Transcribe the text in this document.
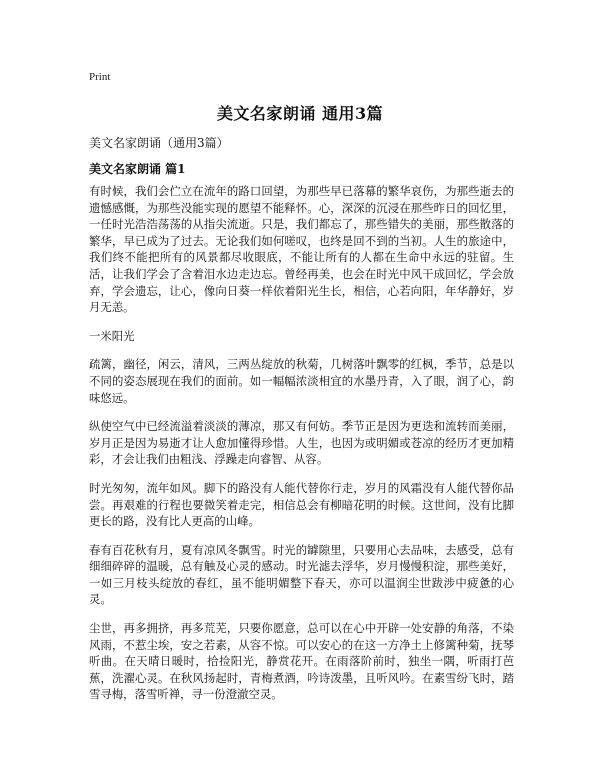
Print
美文名家朗诵 通用3篇

美文名家朗诵（通用3篇）

美文名家朗诵 篇1

有时候，我们会伫立在流年的路口回望，为那些早已落幕的繁华哀伤，为那些逝去的遗憾感慨，为那些没能实现的愿望不能释怀。心，深深的沉浸在那些昨日的回忆里，一任时光浩浩荡荡的从指尖流逝。只是，我们都忘了，那些错失的美丽，那些散落的繁华，早已成为了过去。无论我们如何嗟叹，也终是回不到的当初。人生的旅途中，我们终不能把所有的风景都尽收眼底，不能让所有的人都在生命中永远的驻留。生活，让我们学会了含着泪水边走边忘。曾经再美，也会在时光中风干成回忆，学会放弃，学会遗忘，让心，像向日葵一样依着阳光生长，相信，心若向阳，年华静好，岁月无恙。

一米阳光

疏篱，幽径，闲云，清风，三两丛绽放的秋菊，几树落叶飘零的红枫，季节，总是以不同的姿态展现在我们的面前。如一幅幅浓淡相宜的水墨丹青，入了眼，润了心，韵味悠远。

纵使空气中已经流溢着淡淡的薄凉，那又有何妨。季节正是因为更迭和流转而美丽，岁月正是因为易逝才让人愈加懂得珍惜。人生，也因为或明媚或苍凉的经历才更加精彩，才会让我们由粗浅、浮躁走向睿智、从容。

时光匆匆，流年如风。脚下的路没有人能代替你行走，岁月的风霜没有人能代替你品尝。再艰难的行程也要微笑着走完，相信总会有柳暗花明的时候。这世间，没有比脚更长的路，没有比人更高的山峰。

春有百花秋有月，夏有凉风冬飘雪。时光的罅隙里，只要用心去品味，去感受，总有细细碎碎的温暖，总有触及心灵的感动。时光滤去浮华，岁月慢慢积淀，那些美好，一如三月枝头绽放的春红，虽不能明媚整下春天，亦可以温润尘世跋涉中疲惫的心灵。

尘世，再多拥挤，再多荒芜，只要你愿意，总可以在心中开辟一处安静的角落，不染风雨，不惹尘埃，安之若素，从容不惊。可以安心的在这一方净土上修篱种菊，抚琴听曲。在天晴日暖时，拾捡阳光，静赏花开。在雨落阶前时，独坐一隅，听雨打芭蕉，洗濯心灵。在秋风扬起时，青梅煮酒，吟诗泼墨，且听风吟。在素雪纷飞时，踏雪寻梅，落雪听禅，寻一份澄澈空灵。
